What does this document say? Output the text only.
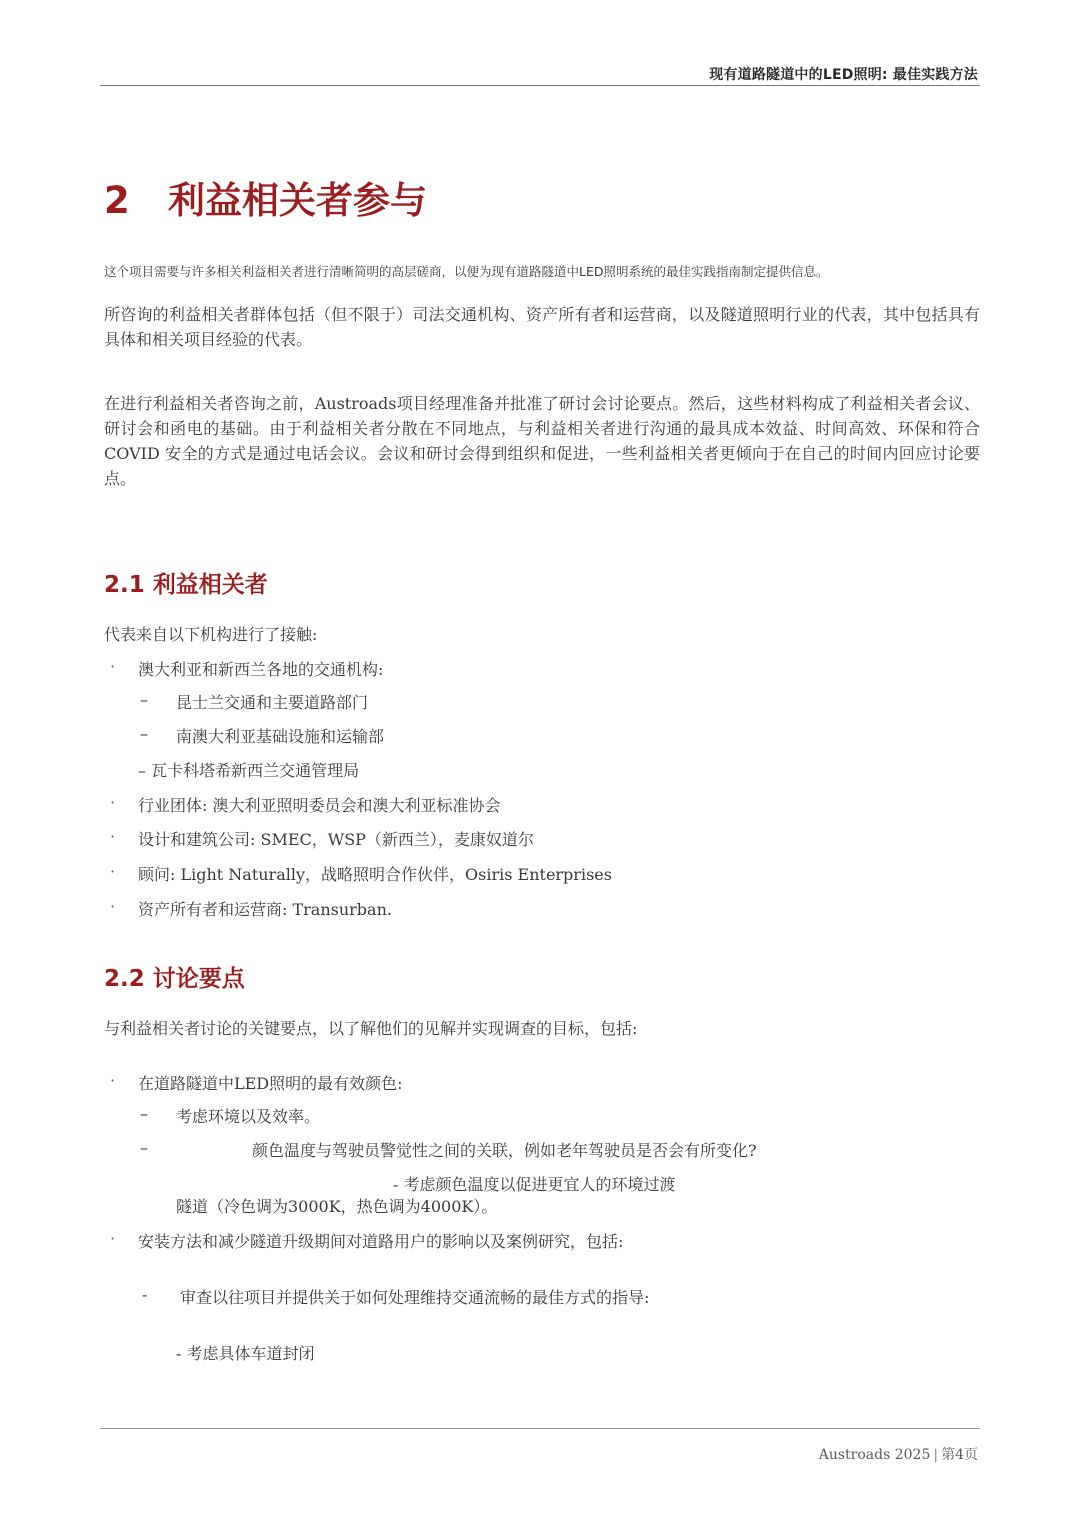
现有道路隧道中的LED照明: 最佳实践方法
2 利益相关者参与
这个项目需要与许多相关利益相关者进行清晰简明的高层磋商，以便为现有道路隧道中LED照明系统的最佳实践指南制定提供信息。
所咨询的利益相关者群体包括（但不限于）司法交通机构、资产所有者和运营商，以及隧道照明行业的代表，其中包括具有具体和相关项目经验的代表。
在进行利益相关者咨询之前，Austroads项目经理准备并批准了研讨会讨论要点。然后，这些材料构成了利益相关者会议、研讨会和函电的基础。由于利益相关者分散在不同地点，与利益相关者进行沟通的最具成本效益、时间高效、环保和符合 COVID 安全的方式是通过电话会议。会议和研讨会得到组织和促进，一些利益相关者更倾向于在自己的时间内回应讨论要点。
2.1 利益相关者
代表来自以下机构进行了接触:
· 澳大利亚和新西兰各地的交通机构:
– 昆士兰交通和主要道路部门
– 南澳大利亚基础设施和运输部
– 瓦卡科塔希新西兰交通管理局
· 行业团体: 澳大利亚照明委员会和澳大利亚标准协会
· 设计和建筑公司: SMEC，WSP（新西兰），麦康奴道尔
· 顾问: Light Naturally，战略照明合作伙伴，Osiris Enterprises
· 资产所有者和运营商: Transurban.
2.2 讨论要点
与利益相关者讨论的关键要点，以了解他们的见解并实现调查的目标，包括:
· 在道路隧道中LED照明的最有效颜色:
– 考虑环境以及效率。
–	颜色温度与驾驶员警觉性之间的关联，例如老年驾驶员是否会有所变化?
- 考虑颜色温度以促进更宜人的环境过渡
隧道（冷色调为3000K，热色调为4000K）。
· 安装方法和减少隧道升级期间对道路用户的影响以及案例研究，包括:
- 审查以往项目并提供关于如何处理维持交通流畅的最佳方式的指导:
- 考虑具体车道封闭
Austroads 2025 | 第4页
